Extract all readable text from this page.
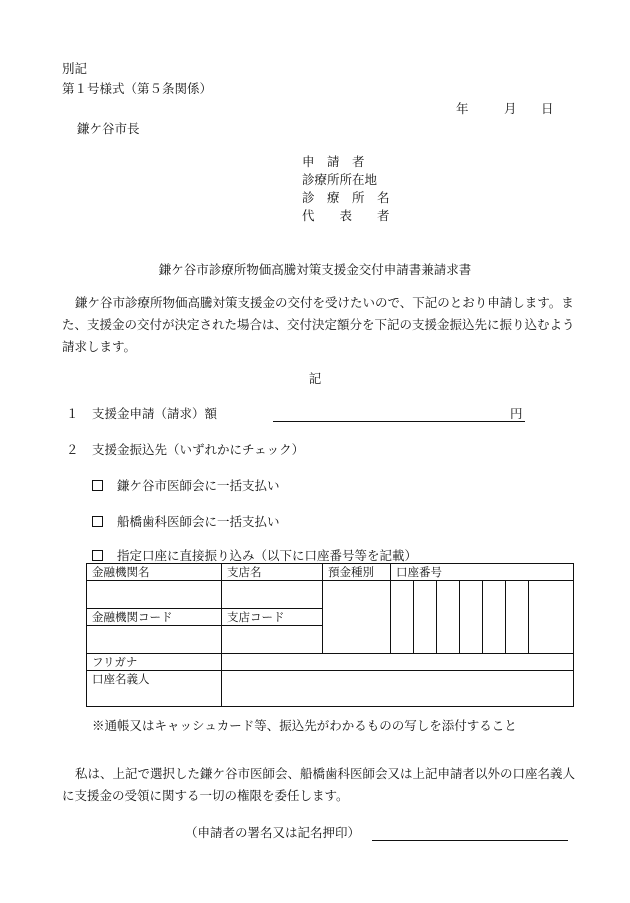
別記
第１号様式（第５条関係）
年	月 日
鎌ケ谷市長
申　請　者
診療所所在地
診　療　所　名
代　　表　　者
鎌ケ谷市診療所物価高騰対策支援金交付申請書兼請求書
鎌ケ谷市診療所物価高騰対策支援金の交付を受けたいので、下記のとおり申請します。また、支援金の交付が決定された場合は、交付決定額分を下記の支援金振込先に振り込むよう請求します。
記
１ 支援金申請（請求）額	円
２ 支援金振込先（いずれかにチェック）
鎌ケ谷市医師会に一括支払い
船橋歯科医師会に一括支払い
指定口座に直接振り込み（以下に口座番号等を記載）
金融機関名	支店名	預金種別	口座番号						

金融機関コード	支店コード								

フリガナ									
口座名義人									
※通帳又はキャッシュカード等、振込先がわかるものの写しを添付すること
私は、上記で選択した鎌ケ谷市医師会、船橋歯科医師会又は上記申請者以外の口座名義人に支援金の受領に関する一切の権限を委任します。
（申請者の署名又は記名押印）
